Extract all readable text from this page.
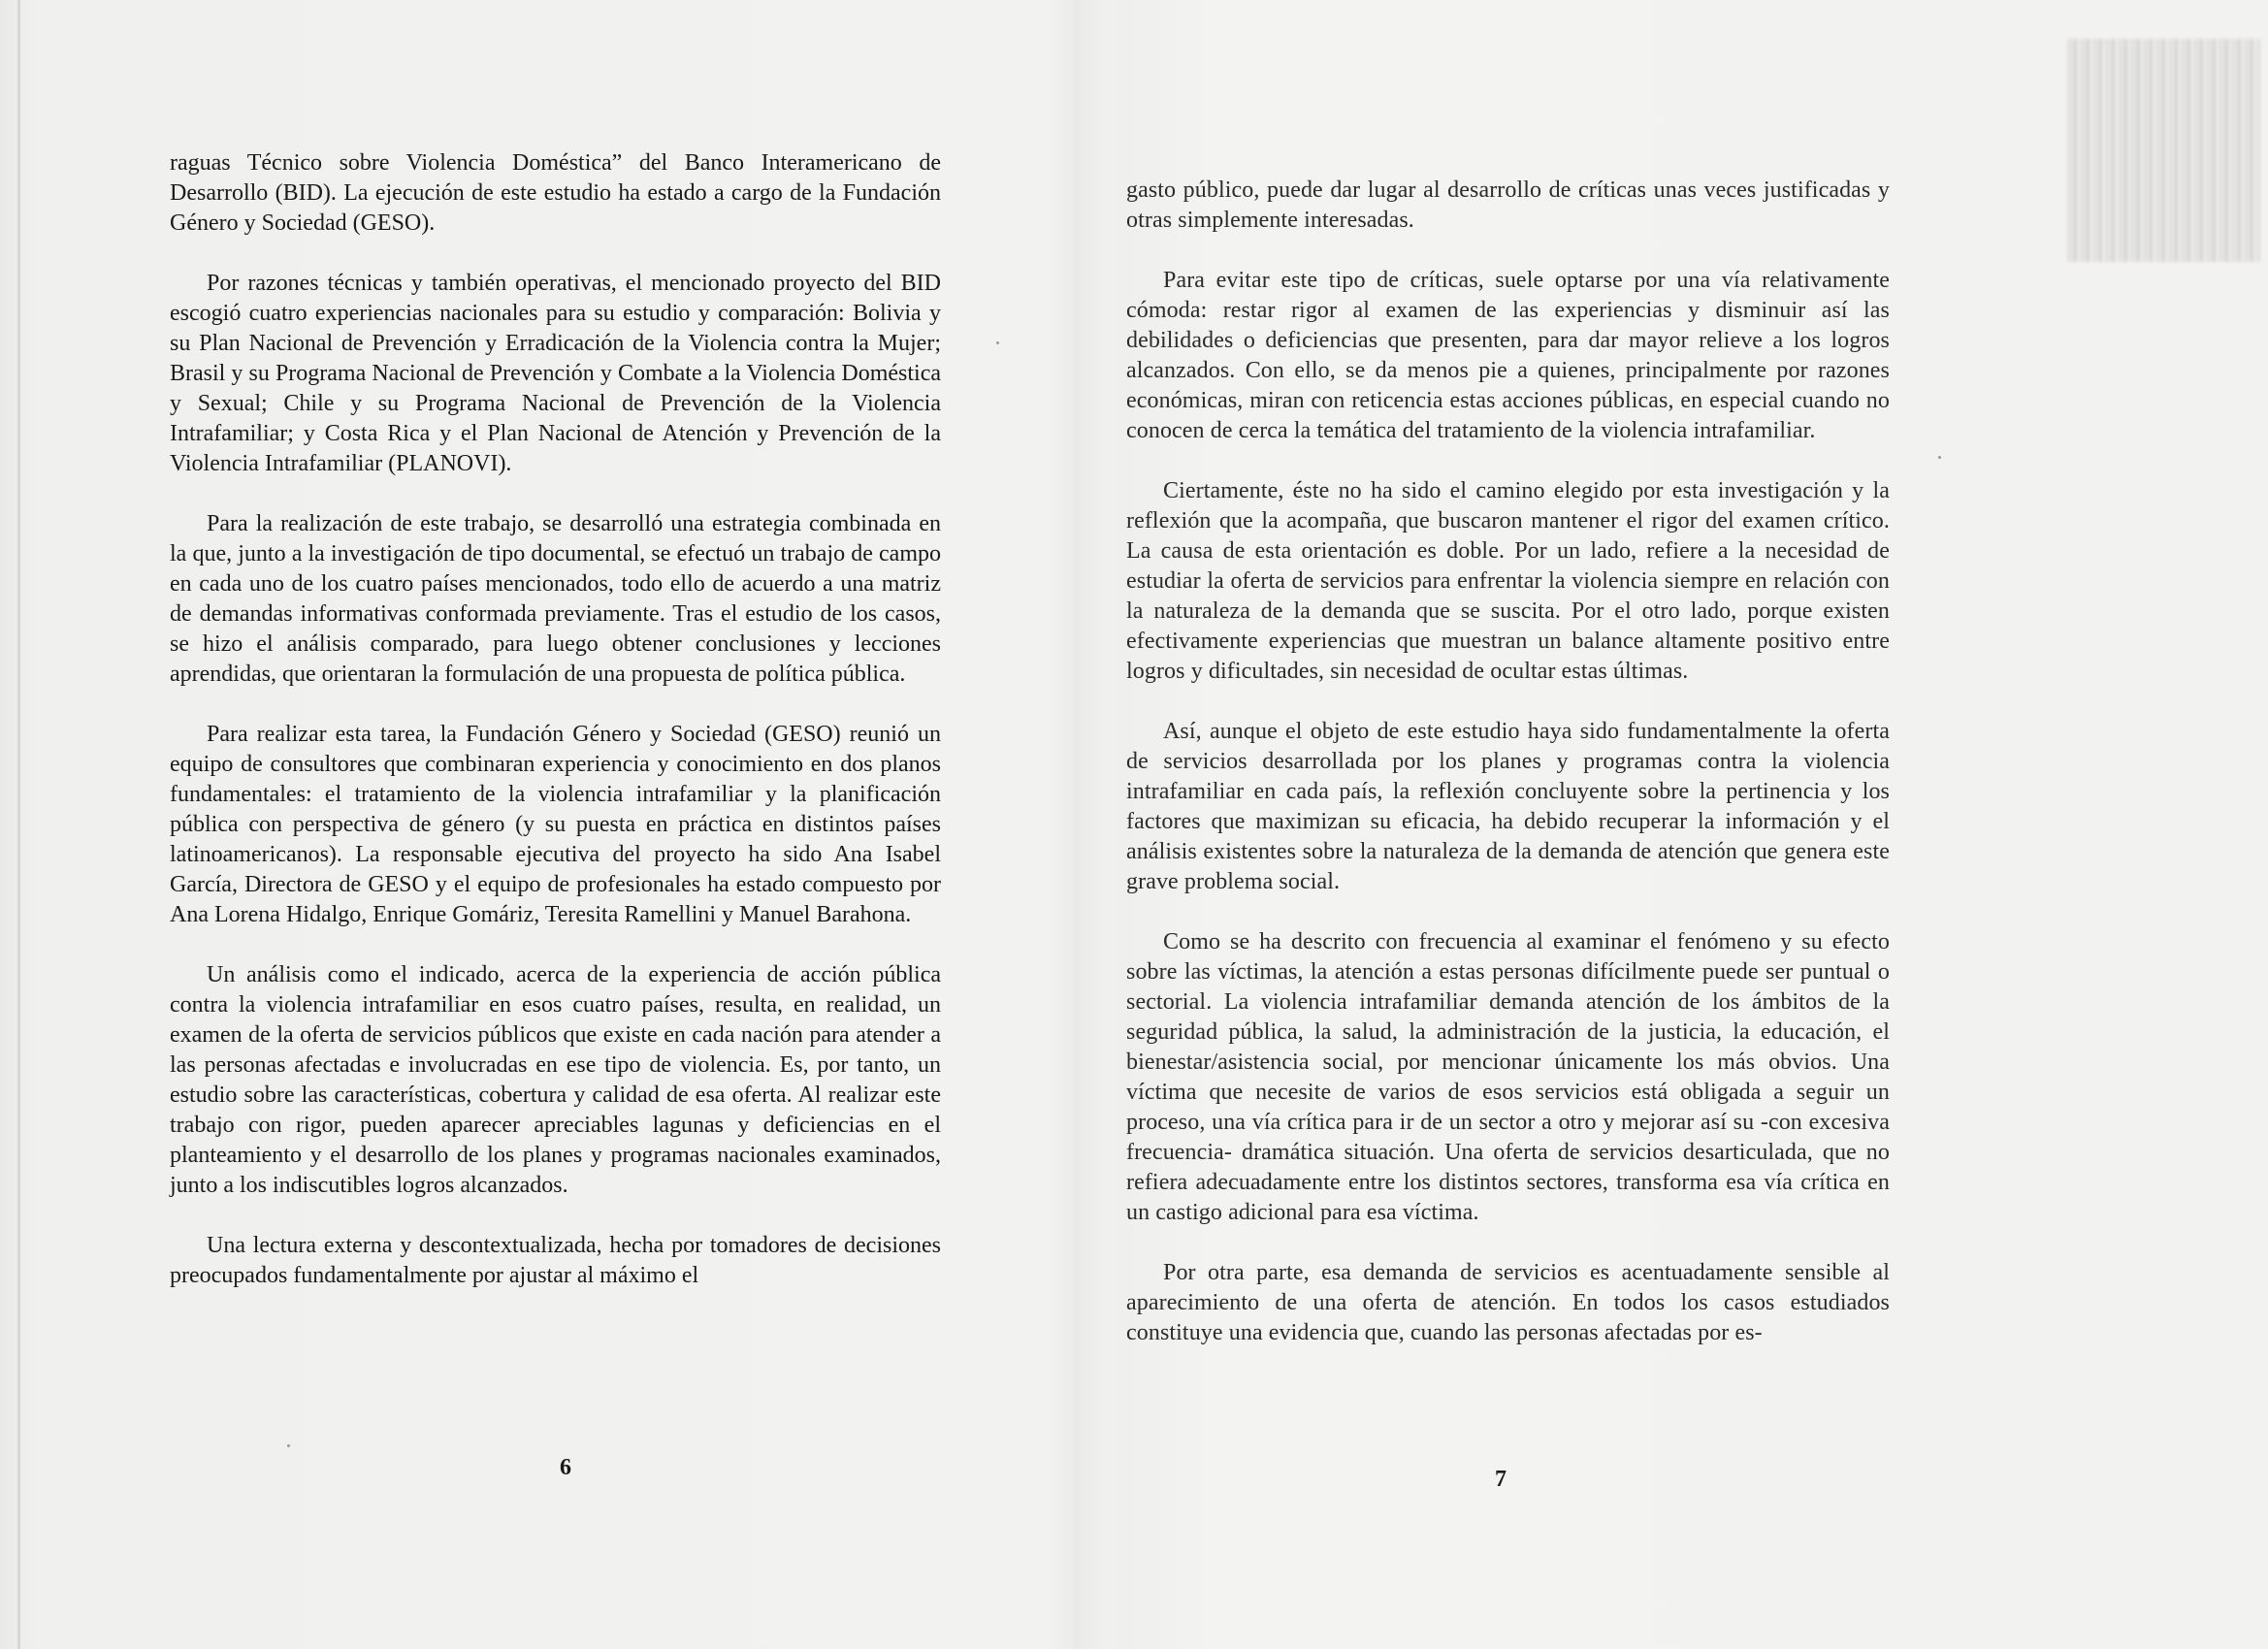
raguas Técnico sobre Violencia Doméstica” del Banco Interamericano de Desarrollo (BID). La ejecución de este estudio ha estado a cargo de la Fundación Género y Sociedad (GESO).

Por razones técnicas y también operativas, el mencionado proyecto del BID escogió cuatro experiencias nacionales para su estudio y comparación: Bolivia y su Plan Nacional de Prevención y Erradicación de la Violencia contra la Mujer; Brasil y su Programa Nacional de Prevención y Combate a la Violencia Doméstica y Sexual; Chile y su Programa Nacional de Prevención de la Violencia Intrafamiliar; y Costa Rica y el Plan Nacional de Atención y Prevención de la Violencia Intrafamiliar (PLANOVI).

Para la realización de este trabajo, se desarrolló una estrategia combinada en la que, junto a la investigación de tipo documental, se efectuó un trabajo de campo en cada uno de los cuatro países mencionados, todo ello de acuerdo a una matriz de demandas informativas conformada previamente. Tras el estudio de los casos, se hizo el análisis comparado, para luego obtener conclusiones y lecciones aprendidas, que orientaran la formulación de una propuesta de política pública.

Para realizar esta tarea, la Fundación Género y Sociedad (GESO) reunió un equipo de consultores que combinaran experiencia y conocimiento en dos planos fundamentales: el tratamiento de la violencia intrafamiliar y la planificación pública con perspectiva de género (y su puesta en práctica en distintos países latinoamericanos). La responsable ejecutiva del proyecto ha sido Ana Isabel García, Directora de GESO y el equipo de profesionales ha estado compuesto por Ana Lorena Hidalgo, Enrique Gomáriz, Teresita Ramellini y Manuel Barahona.

Un análisis como el indicado, acerca de la experiencia de acción pública contra la violencia intrafamiliar en esos cuatro países, resulta, en realidad, un examen de la oferta de servicios públicos que existe en cada nación para atender a las personas afectadas e involucradas en ese tipo de violencia. Es, por tanto, un estudio sobre las características, cobertura y calidad de esa oferta. Al realizar este trabajo con rigor, pueden aparecer apreciables lagunas y deficiencias en el planteamiento y el desarrollo de los planes y programas nacionales examinados, junto a los indiscutibles logros alcanzados.

Una lectura externa y descontextualizada, hecha por tomadores de decisiones preocupados fundamentalmente por ajustar al máximo el

6

gasto público, puede dar lugar al desarrollo de críticas unas veces justificadas y otras simplemente interesadas.

Para evitar este tipo de críticas, suele optarse por una vía relativamente cómoda: restar rigor al examen de las experiencias y disminuir así las debilidades o deficiencias que presenten, para dar mayor relieve a los logros alcanzados. Con ello, se da menos pie a quienes, principalmente por razones económicas, miran con reticencia estas acciones públicas, en especial cuando no conocen de cerca la temática del tratamiento de la violencia intrafamiliar.

Ciertamente, éste no ha sido el camino elegido por esta investigación y la reflexión que la acompaña, que buscaron mantener el rigor del examen crítico. La causa de esta orientación es doble. Por un lado, refiere a la necesidad de estudiar la oferta de servicios para enfrentar la violencia siempre en relación con la naturaleza de la demanda que se suscita. Por el otro lado, porque existen efectivamente experiencias que muestran un balance altamente positivo entre logros y dificultades, sin necesidad de ocultar estas últimas.

Así, aunque el objeto de este estudio haya sido fundamentalmente la oferta de servicios desarrollada por los planes y programas contra la violencia intrafamiliar en cada país, la reflexión concluyente sobre la pertinencia y los factores que maximizan su eficacia, ha debido recuperar la información y el análisis existentes sobre la naturaleza de la demanda de atención que genera este grave problema social.

Como se ha descrito con frecuencia al examinar el fenómeno y su efecto sobre las víctimas, la atención a estas personas difícilmente puede ser puntual o sectorial. La violencia intrafamiliar demanda atención de los ámbitos de la seguridad pública, la salud, la administración de la justicia, la educación, el bienestar/asistencia social, por mencionar únicamente los más obvios. Una víctima que necesite de varios de esos servicios está obligada a seguir un proceso, una vía crítica para ir de un sector a otro y mejorar así su -con excesiva frecuencia- dramática situación. Una oferta de servicios desarticulada, que no refiera adecuadamente entre los distintos sectores, transforma esa vía crítica en un castigo adicional para esa víctima.

Por otra parte, esa demanda de servicios es acentuadamente sensible al aparecimiento de una oferta de atención. En todos los casos estudiados constituye una evidencia que, cuando las personas afectadas por es-

7
